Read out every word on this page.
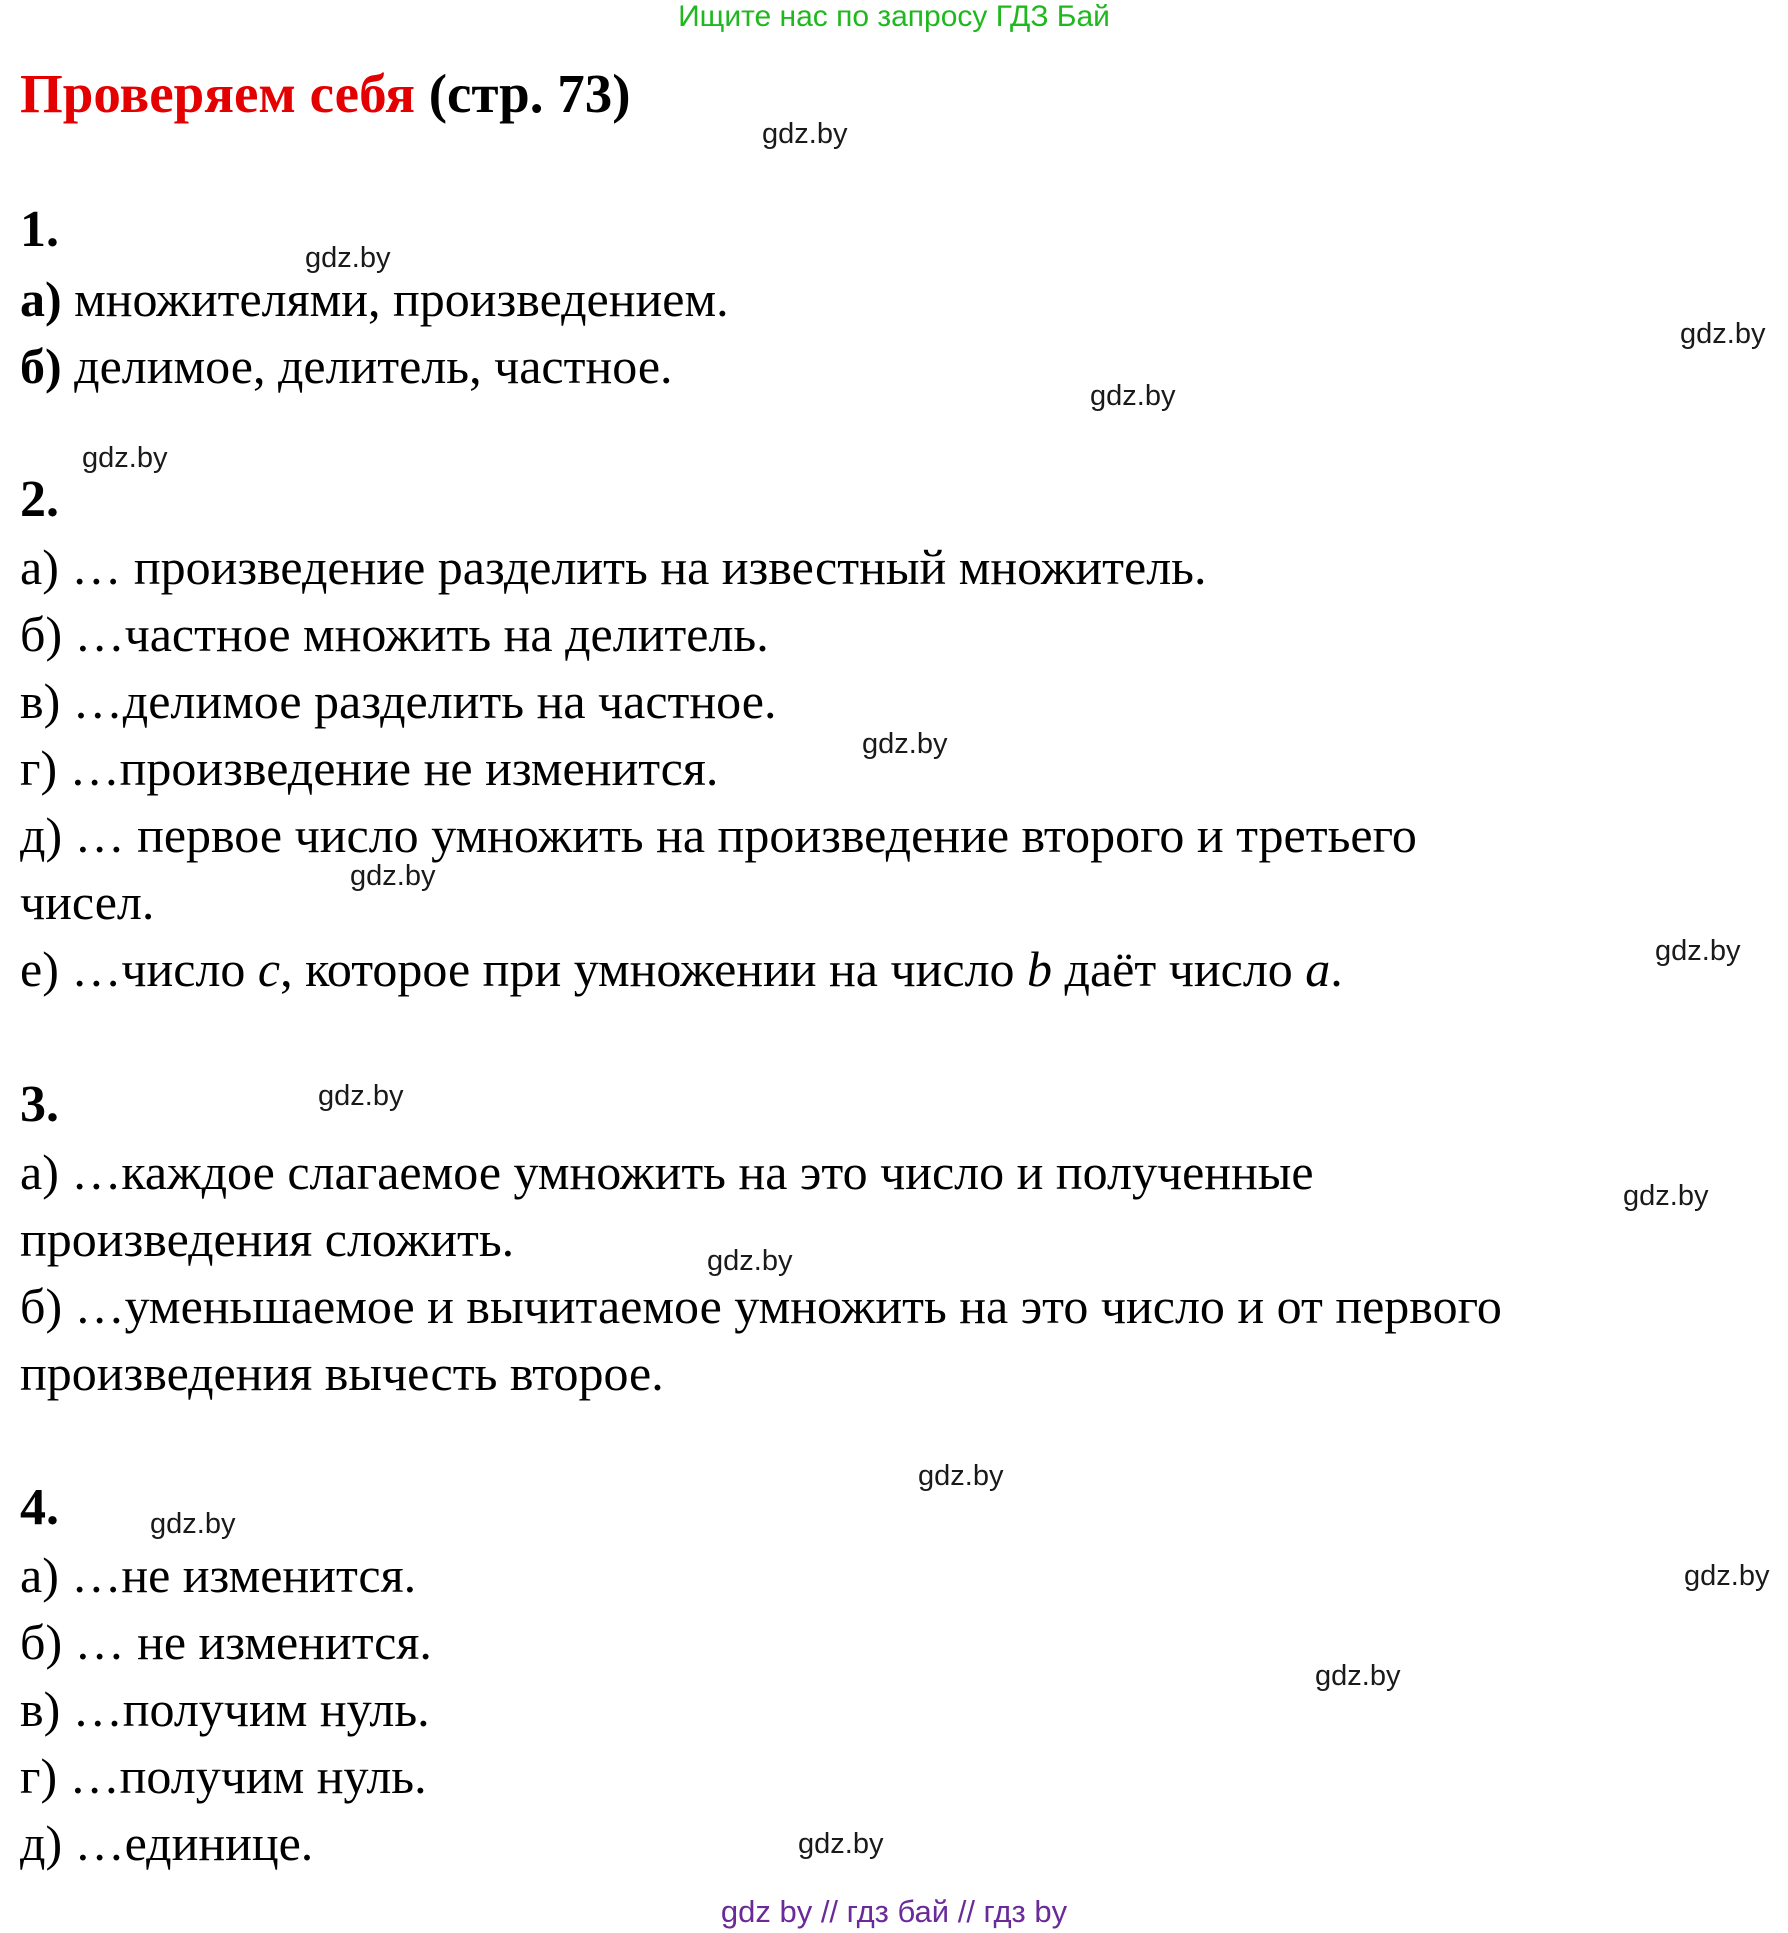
Ищите нас по запросу ГДЗ Бай
Проверяем себя (стр. 73)
1.
а) множителями, произведением.
б) делимое, делитель, частное.
2.
а) … произведение разделить на известный множитель.
б) …частное множить на делитель.
в) …делимое разделить на частное.
г) …произведение не изменится.
д) … первое число умножить на произведение второго и третьего
чисел.
е) …число c, которое при умножении на число b даёт число a.
3.
а) …каждое слагаемое умножить на это число и полученные
произведения сложить.
б) …уменьшаемое и вычитаемое умножить на это число и от первого
произведения вычесть второе.
4.
а) …не изменится.
б) … не изменится.
в) …получим нуль.
г) …получим нуль.
д) …единице.
gdz.by
gdz.by
gdz.by
gdz.by
gdz.by
gdz.by
gdz.by
gdz.by
gdz.by
gdz.by
gdz.by
gdz.by
gdz.by
gdz.by
gdz.by
gdz.by
gdz by // гдз бай // гдз by
